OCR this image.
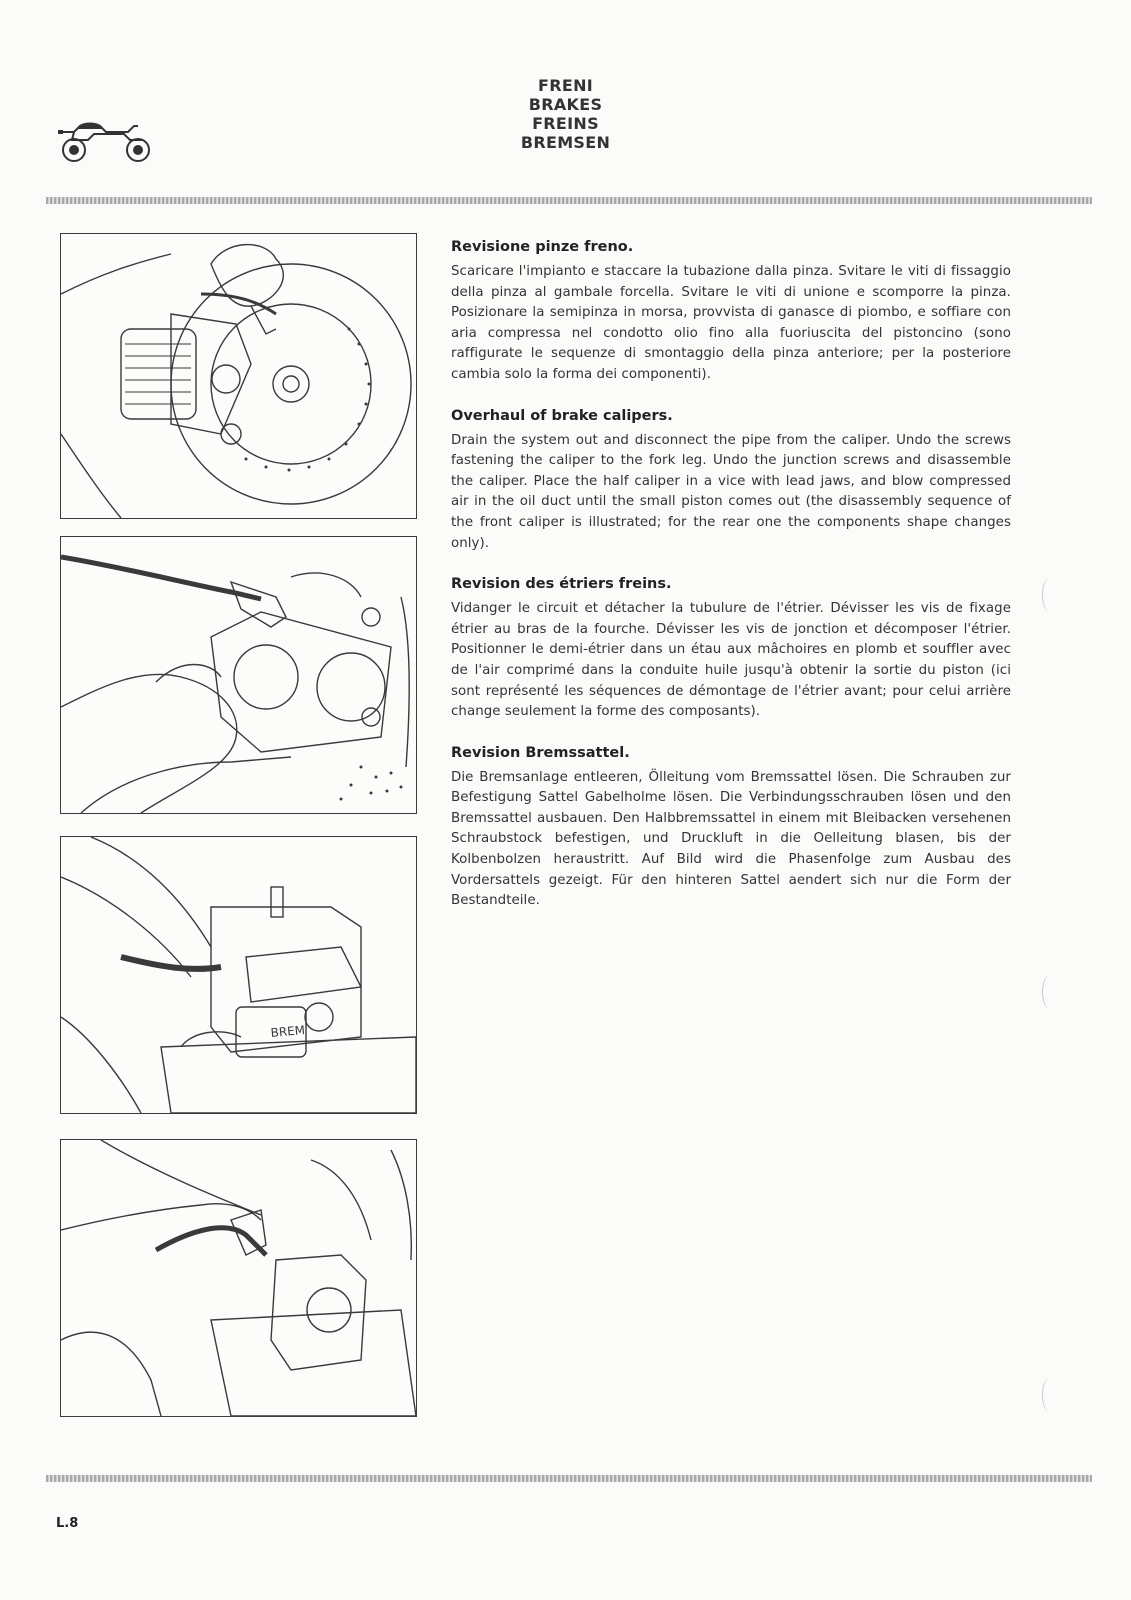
FRENI
BRAKES
FREINS
BREMSEN
BREM
Revisione pinze freno.

Scaricare l'impianto e staccare la tubazione dalla pinza. Svitare le viti di fissaggio della pinza al gambale forcella. Svitare le viti di unione e scomporre la pinza. Posizionare la semipinza in morsa, provvista di ganasce di piombo, e soffiare con aria compressa nel condotto olio fino alla fuoriuscita del pistoncino (sono raffigurate le sequenze di smontaggio della pinza anteriore; per la posteriore cambia solo la forma dei componenti).

Overhaul of brake calipers.

Drain the system out and disconnect the pipe from the caliper. Undo the screws fastening the caliper to the fork leg. Undo the junction screws and disassemble the caliper. Place the half caliper in a vice with lead jaws, and blow compressed air in the oil duct until the small piston comes out (the disassembly sequence of the front caliper is illustrated; for the rear one the components shape changes only).

Revision des étriers freins.

Vidanger le circuit et détacher la tubulure de l'étrier. Dévisser les vis de fixage étrier au bras de la fourche. Dévisser les vis de jonction et décomposer l'étrier. Positionner le demi-étrier dans un étau aux mâchoires en plomb et souffler avec de l'air comprimé dans la conduite huile jusqu'à obtenir la sortie du piston (ici sont représenté les séquences de démontage de l'étrier avant; pour celui arrière change seulement la forme des composants).

Revision Bremssattel.

Die Bremsanlage entleeren, Ölleitung vom Bremssattel lösen. Die Schrauben zur Befestigung Sattel Gabelholme lösen. Die Verbindungsschrauben lösen und den Bremssattel ausbauen. Den Halbbremssattel in einem mit Bleibacken versehenen Schraubstock befestigen, und Druckluft in die Oelleitung blasen, bis der Kolbenbolzen heraustritt. Auf Bild wird die Phasenfolge zum Ausbau des Vordersattels gezeigt. Für den hinteren Sattel aendert sich nur die Form der Bestandteile.

L.8
